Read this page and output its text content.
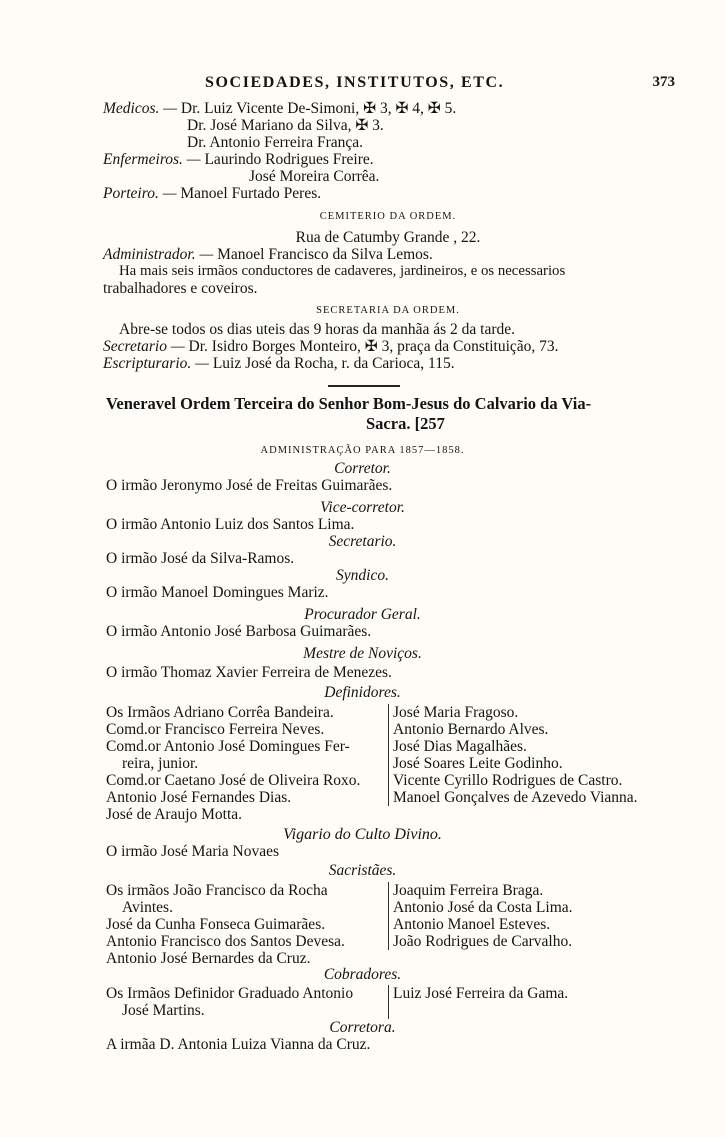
SOCIEDADES, INSTITUTOS, ETC.	373
Medicos. — Dr. Luiz Vicente De-Simoni, ✠ 3, ✠ 4, ✠ 5.
Dr. José Mariano da Silva, ✠ 3.
Dr. Antonio Ferreira França.
Enfermeiros. — Laurindo Rodrigues Freire.
José Moreira Corrêa.
Porteiro. — Manoel Furtado Peres.
CEMITERIO DA ORDEM.
Rua de Catumby Grande , 22.
Administrador. — Manoel Francisco da Silva Lemos.
Ha mais seis irmãos conductores de cadaveres, jardineiros, e os necessarios
trabalhadores e coveiros.
SECRETARIA DA ORDEM.
Abre-se todos os dias uteis das 9 horas da manhãa ás 2 da tarde.
Secretario — Dr. Isidro Borges Monteiro, ✠ 3, praça da Constituição, 73.
Escripturario. — Luiz José da Rocha, r. da Carioca, 115.
Veneravel Ordem Terceira do Senhor Bom-Jesus do Calvario da Via-
Sacra. [257
ADMINISTRAÇÃO PARA 1857—1858.
Corretor.
O irmão Jeronymo José de Freitas Guimarães.
Vice-corretor.
O irmão Antonio Luiz dos Santos Lima.
Secretario.
O irmão José da Silva-Ramos.
Syndico.
O irmão Manoel Domingues Mariz.
Procurador Geral.
O irmão Antonio José Barbosa Guimarães.
Mestre de Noviços.
O irmão Thomaz Xavier Ferreira de Menezes.
Definidores.
Os Irmãos Adriano Corrêa Bandeira.
Comd.or Francisco Ferreira Neves.
Comd.or Antonio José Domingues Fer-
reira, junior.
Comd.or Caetano José de Oliveira Roxo.
Antonio José Fernandes Dias.
José de Araujo Motta.
José Maria Fragoso.
Antonio Bernardo Alves.
José Dias Magalhães.
José Soares Leite Godinho.
Vicente Cyrillo Rodrigues de Castro.
Manoel Gonçalves de Azevedo Vianna.
Vigario do Culto Divino.
O irmão José Maria Novaes
Sacristães.
Os irmãos João Francisco da Rocha
Avintes.
José da Cunha Fonseca Guimarães.
Antonio Francisco dos Santos Devesa.
Antonio José Bernardes da Cruz.
Joaquim Ferreira Braga.
Antonio José da Costa Lima.
Antonio Manoel Esteves.
João Rodrigues de Carvalho.
Cobradores.
Os Irmãos Definidor Graduado Antonio
José Martins.
Luiz José Ferreira da Gama.
Corretora.
A irmãa D. Antonia Luiza Vianna da Cruz.
